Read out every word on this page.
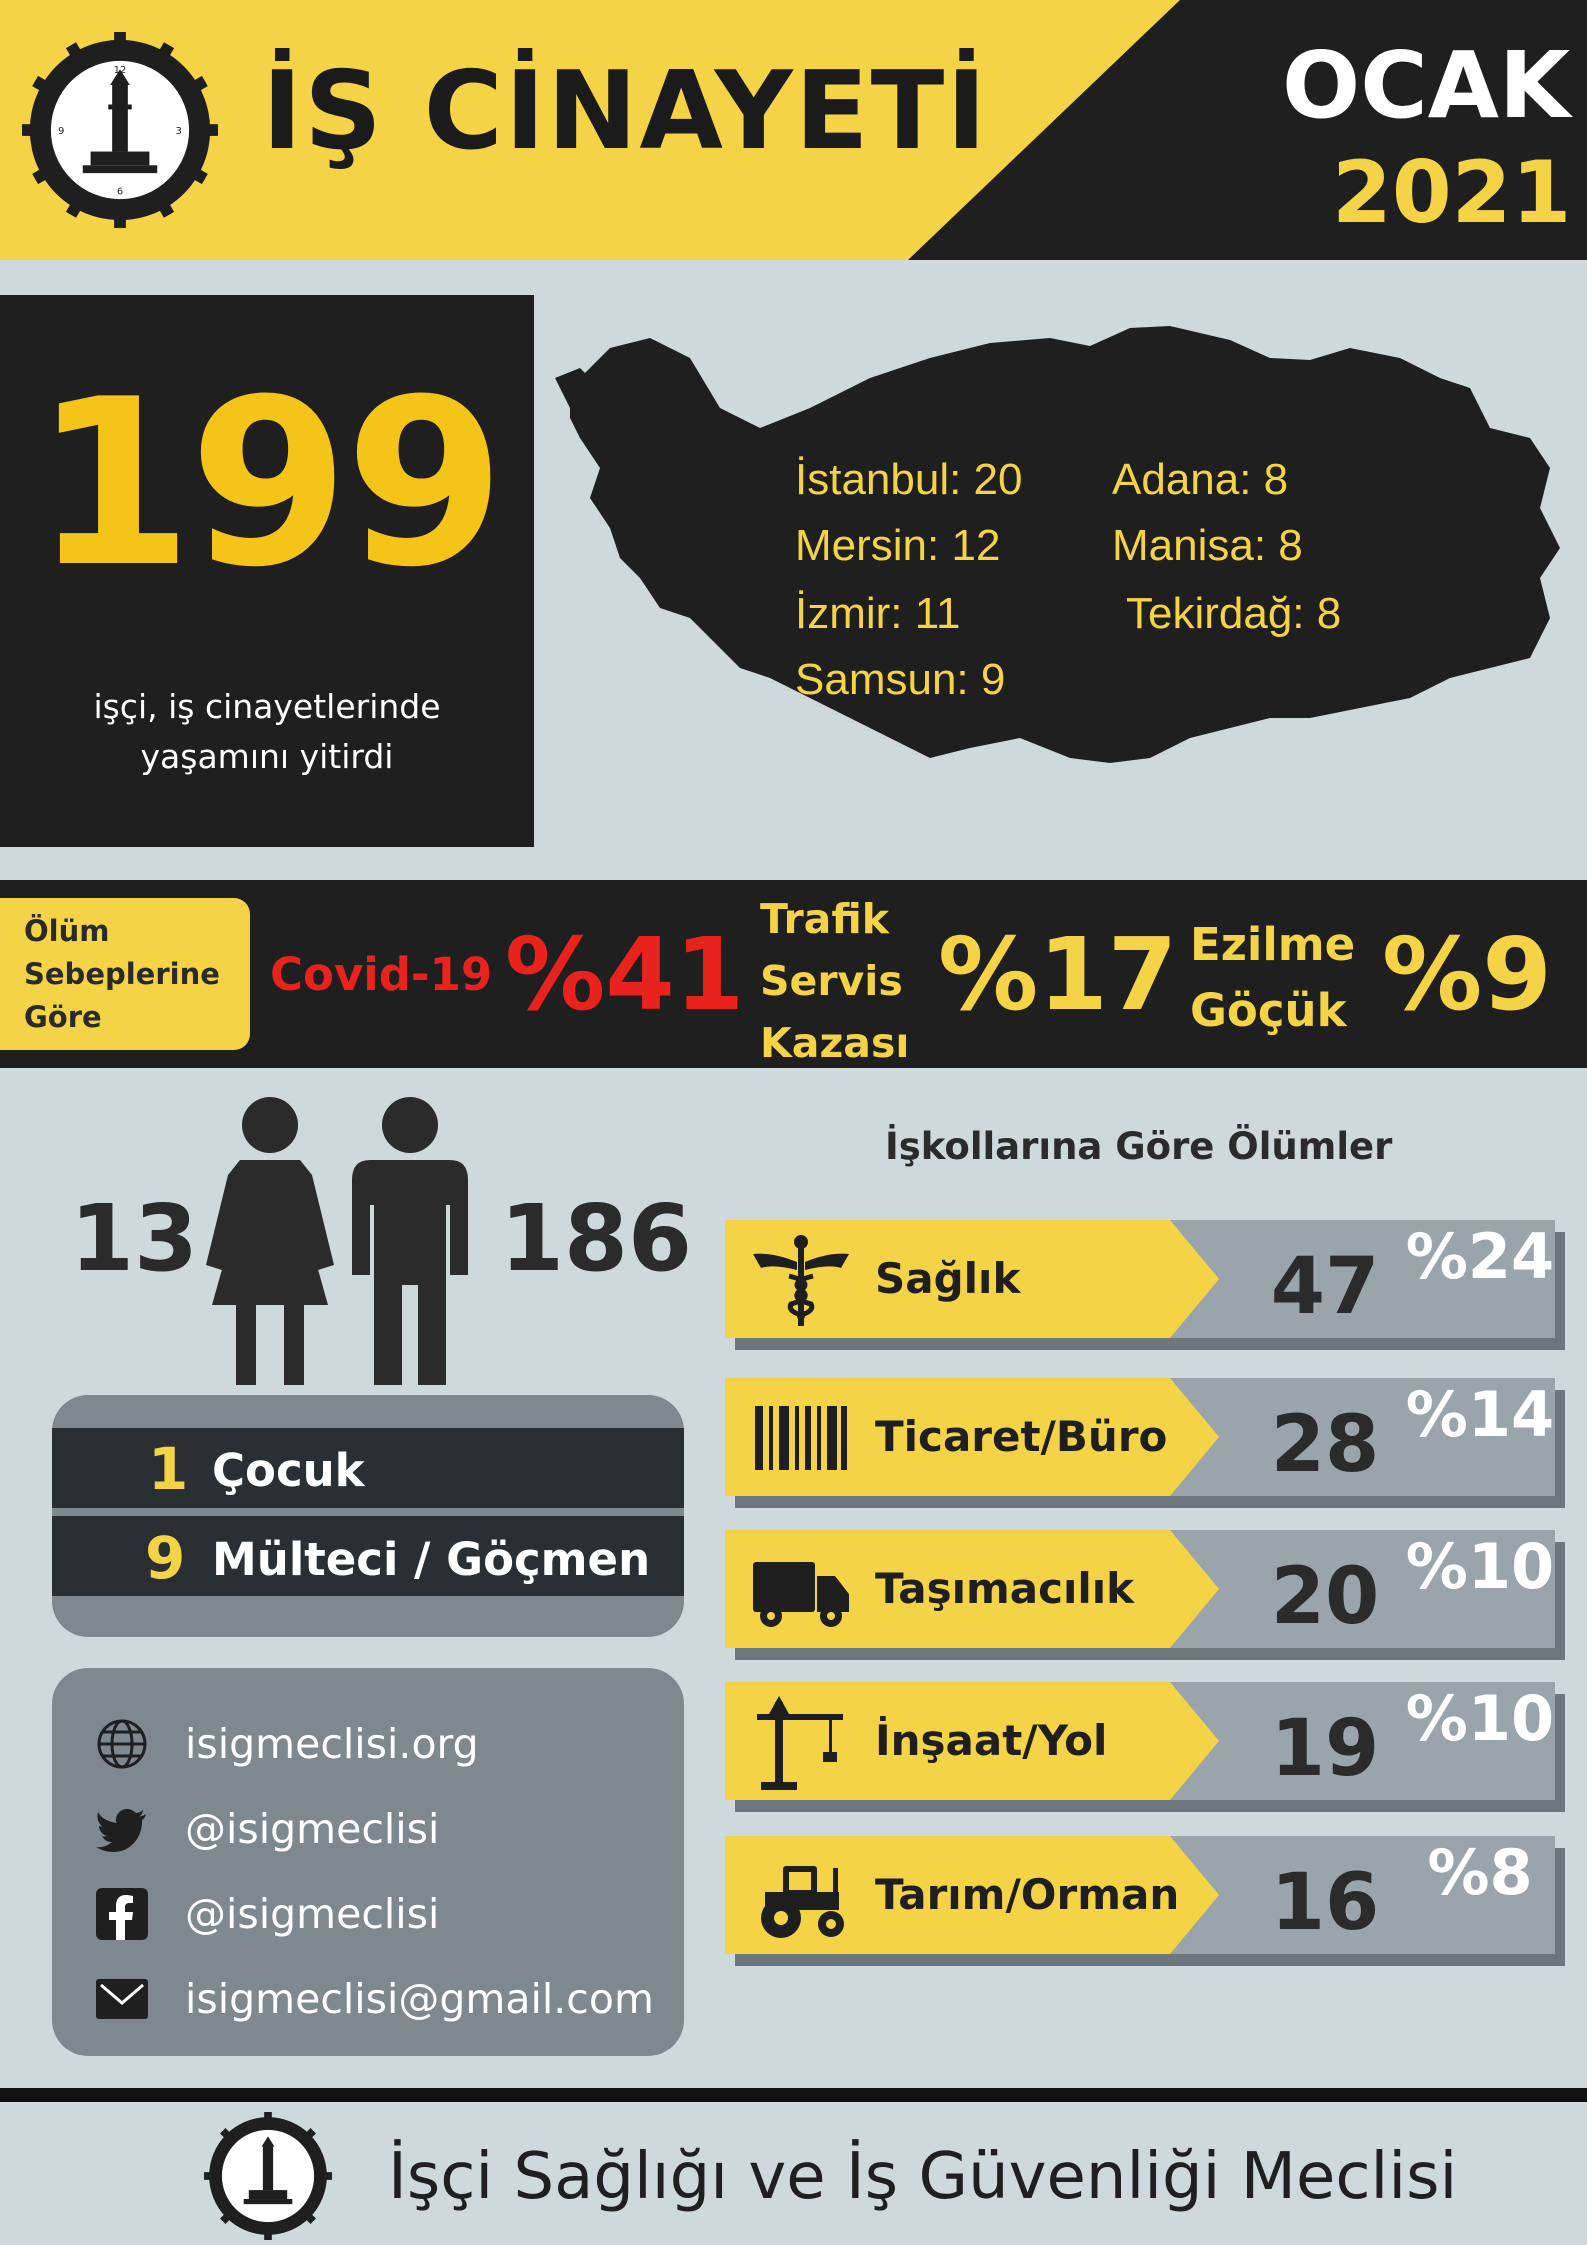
12
3
6
9 İŞ CİNAYETİ	OCAK
2021
199
işçi, iş cinayetlerinde
yaşamını yitirdi
İstanbul: 20
Mersin: 12
İzmir: 11
Samsun: 9
Adana: 8
Manisa: 8
Tekirdağ: 8
Ölüm
Sebeplerine
Göre
Covid-19 %41 Trafik
Servis
Kazası
%17 Ezilme
Göçük %9
13	186
1 Çocuk
9 Mülteci / Göçmen
isigmeclisi.org
@isigmeclisi
@isigmeclisi
isigmeclisi@gmail.com
İşkollarına Göre Ölümler
Sağlık	47 %24
Ticaret/Büro 28 %14
Taşımacılık 20 %10
İnşaat/Yol 19 %10
Tarım/Orman 16 %8
İşçi Sağlığı ve İş Güvenliği Meclisi
